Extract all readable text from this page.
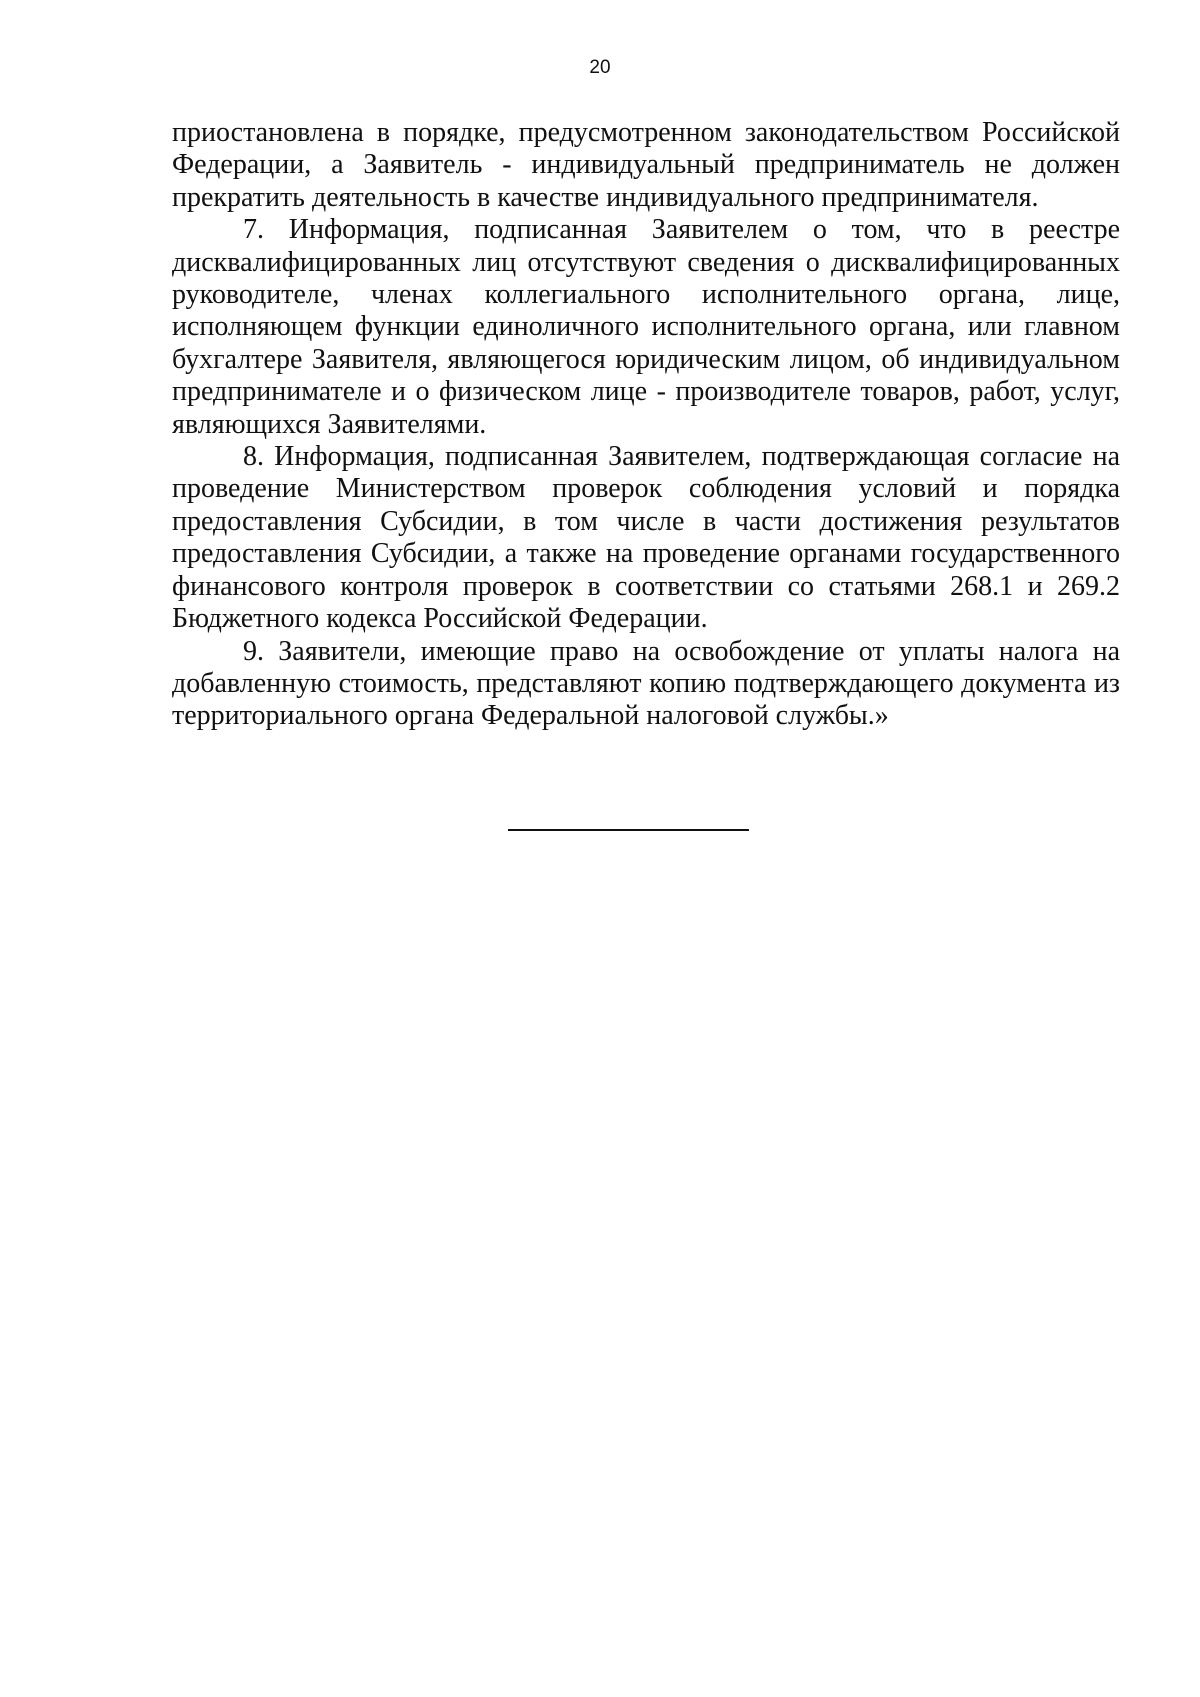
20

приостановлена в порядке, предусмотренном законодательством Российской Федерации, а Заявитель - индивидуальный предприниматель не должен прекратить деятельность в качестве индивидуального предпринимателя.

7. Информация, подписанная Заявителем о том, что в реестре дисквалифицированных лиц отсутствуют сведения о дисквалифицированных руководителе, членах коллегиального исполнительного органа, лице, исполняющем функции единоличного исполнительного органа, или главном бухгалтере Заявителя, являющегося юридическим лицом, об индивидуальном предпринимателе и о физическом лице - производителе товаров, работ, услуг, являющихся Заявителями.

8. Информация, подписанная Заявителем, подтверждающая согласие на проведение Министерством проверок соблюдения условий и порядка предоставления Субсидии, в том числе в части достижения результатов предоставления Субсидии, а также на проведение органами государственного финансового контроля проверок в соответствии со статьями 268.1 и 269.2 Бюджетного кодекса Российской Федерации.

9. Заявители, имеющие право на освобождение от уплаты налога на добавленную стоимость, представляют копию подтверждающего документа из территориального органа Федеральной налоговой службы.»
